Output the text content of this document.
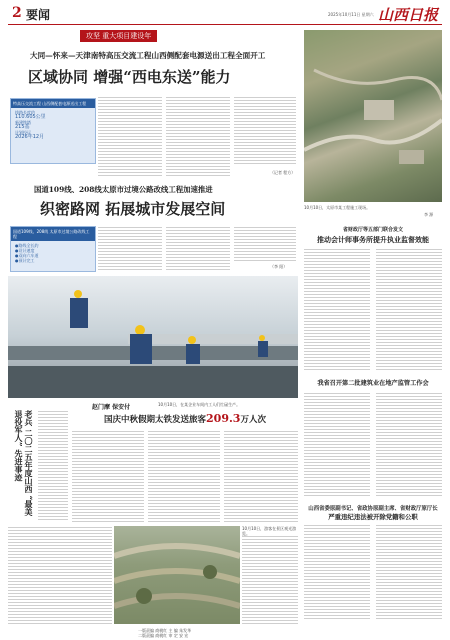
2 要闻	2025年10月11日 星期六 山西日报
攻坚 重大项目建设年
大同—怀来—天津南特高压交流工程山西侧配套电源送出工程全面开工
区域协同 增强“西电东送”能力
特高压交流工程 山西侧配套电源送出工程
线路长度约
110.605公里
新建铁塔
215基
计划投运
2026年12月
（记者 程方）
国道109线、208线太原市过境公路改线工程加速推进
织密路网 拓展城市发展空间
国道109线、208线 太原市过境公路改线工程
●路线全长约
●设计速度
●双向六车道
●预计完工
（李 阳）
10月10日，太原市某工程施工现场。
李 源
省财政厅等五部门联合发文
推动会计师事务所提升执业监督效能
赵门摩 保安付	10月10日，在某企业车间内工人们忙碌生产。
我省召开第二批建筑业在地产监管工作会
老兵 二〇二五年度山西 “最美退役军人” 先进事迹
国庆中秋假期太铁发送旅客209.3万人次
10月10日，游客在景区观光游览。
山西省委原副书记、省政协原副主席、省财政厅原厅长
严重违纪违法被开除党籍和公职
一版责编 商桃红 主 编 朱发华
二版责编 商桃红 审 定 安 宏
